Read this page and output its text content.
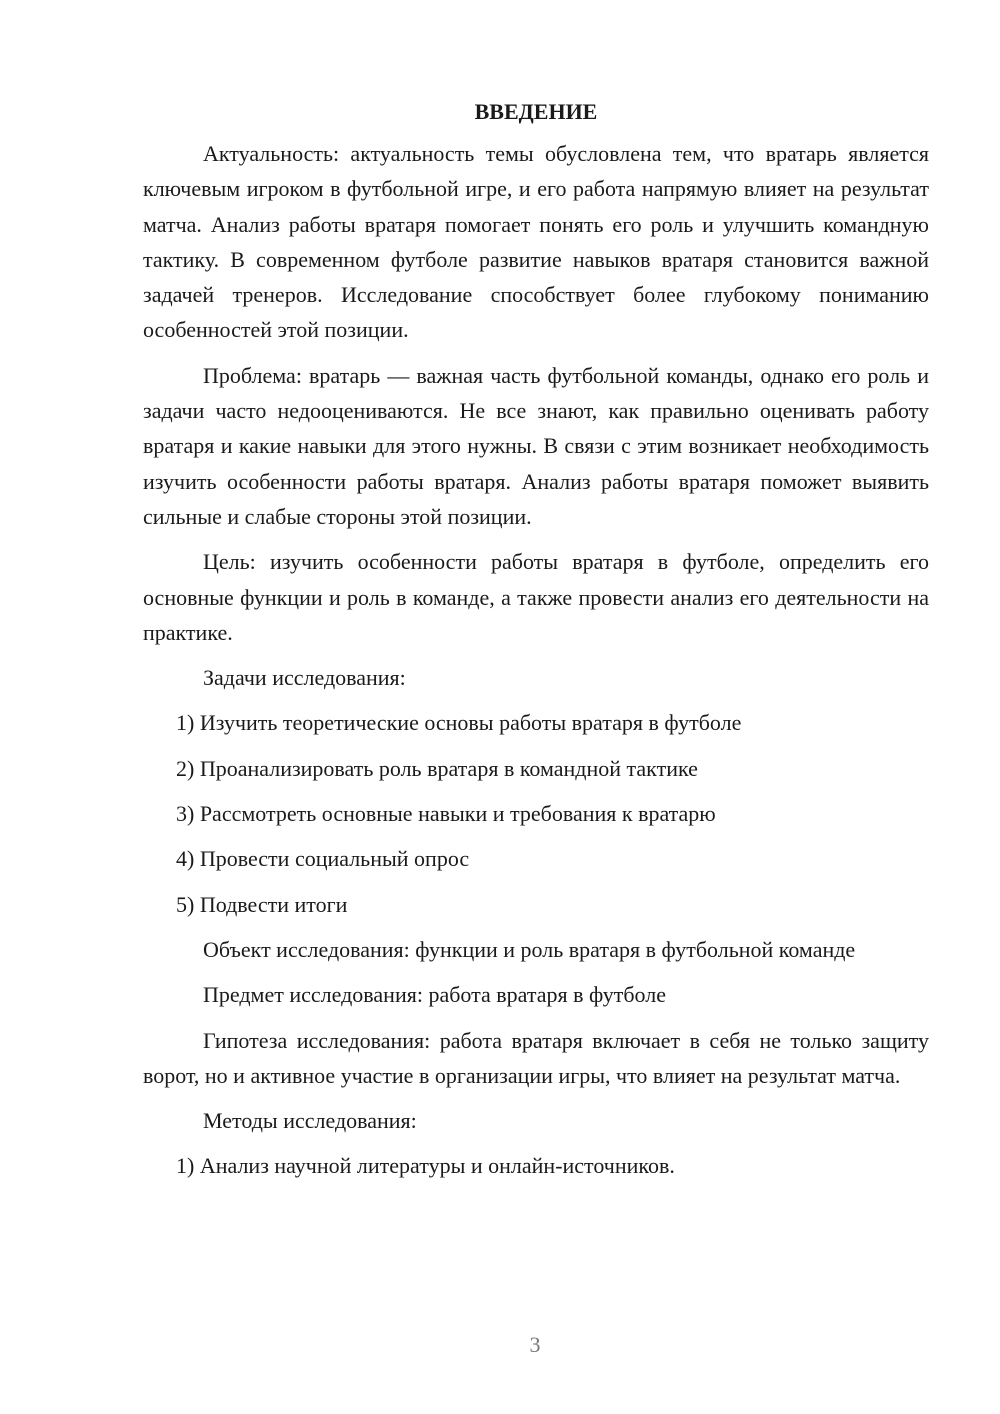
ВВЕДЕНИЕ

Актуальность: актуальность темы обусловлена тем, что вратарь является ключевым игроком в футбольной игре, и его работа напрямую влияет на результат матча. Анализ работы вратаря помогает понять его роль и улучшить командную тактику. В современном футболе развитие навыков вратаря становится важной задачей тренеров. Исследование способствует более глубокому пониманию особенностей этой позиции.

Проблема: вратарь — важная часть футбольной команды, однако его роль и задачи часто недооцениваются. Не все знают, как правильно оценивать работу вратаря и какие навыки для этого нужны. В связи с этим возникает необходимость изучить особенности работы вратаря. Анализ работы вратаря поможет выявить сильные и слабые стороны этой позиции.

Цель: изучить особенности работы вратаря в футболе, определить его основные функции и роль в команде, а также провести анализ его деятельности на практике.

Задачи исследования:
1) Изучить теоретические основы работы вратаря в футболе
2) Проанализировать роль вратаря в командной тактике
3) Рассмотреть основные навыки и требования к вратарю
4) Провести социальный опрос
5) Подвести итоги

Объект исследования: функции и роль вратаря в футбольной команде

Предмет исследования: работа вратаря в футболе

Гипотеза исследования: работа вратаря включает в себя не только защиту ворот, но и активное участие в организации игры, что влияет на результат матча.

Методы исследования:
1) Анализ научной литературы и онлайн-источников.
3
